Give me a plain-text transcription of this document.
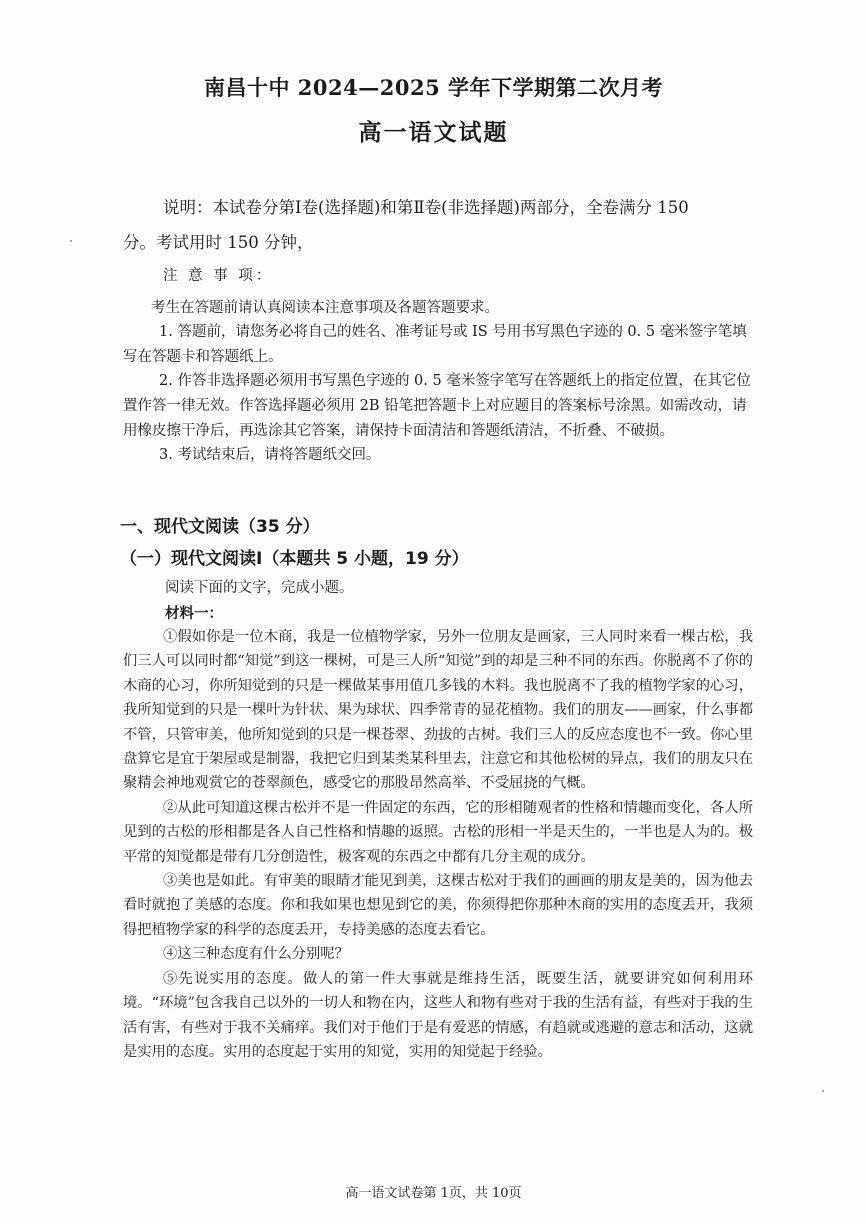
南昌十中 2024—2025 学年下学期第二次月考
高一语文试题

说明：本试卷分第Ⅰ卷(选择题)和第Ⅱ卷(非选择题)两部分，全卷满分 150

分。考试用时 150 分钟，

注 意 事 项：

考生在答题前请认真阅读本注意事项及各题答题要求。

1. 答题前，请您务必将自己的姓名、准考证号或 IS 号用书写黑色字迹的 0. 5 毫米签字笔填写在答题卡和答题纸上。

2. 作答非选择题必须用书写黑色字迹的 0. 5 毫米签字笔写在答题纸上的指定位置，在其它位置作答一律无效。作答选择题必须用 2B 铅笔把答题卡上对应题目的答案标号涂黑。如需改动，请用橡皮擦干净后，再选涂其它答案，请保持卡面清洁和答题纸清洁，不折叠、不破损。

3. 考试结束后，请将答题纸交回。

一、现代文阅读（35 分）
（一）现代文阅读Ⅰ（本题共 5 小题，19 分）
阅读下面的文字，完成小题。
材料一：

①假如你是一位木商，我是一位植物学家，另外一位朋友是画家，三人同时来看一棵古松，我们三人可以同时都“知觉”到这一棵树，可是三人所“知觉”到的却是三种不同的东西。你脱离不了你的木商的心习，你所知觉到的只是一棵做某事用值几多钱的木料。我也脱离不了我的植物学家的心习，我所知觉到的只是一棵叶为针状、果为球状、四季常青的显花植物。我们的朋友——画家，什么事都不管，只管审美，他所知觉到的只是一棵苍翠、劲拔的古树。我们三人的反应态度也不一致。你心里盘算它是宜于架屋或是制器，我把它归到某类某科里去，注意它和其他松树的异点，我们的朋友只在聚精会神地观赏它的苍翠颜色，感受它的那股昂然高举、不受屈挠的气概。

②从此可知道这棵古松并不是一件固定的东西，它的形相随观者的性格和情趣而变化，各人所见到的古松的形相都是各人自己性格和情趣的返照。古松的形相一半是天生的，一半也是人为的。极平常的知觉都是带有几分创造性，极客观的东西之中都有几分主观的成分。

③美也是如此。有审美的眼睛才能见到美，这棵古松对于我们的画画的朋友是美的，因为他去看时就抱了美感的态度。你和我如果也想见到它的美，你须得把你那种木商的实用的态度丢开，我须得把植物学家的科学的态度丢开，专持美感的态度去看它。

④这三种态度有什么分别呢？

⑤先说实用的态度。做人的第一件大事就是维持生活，既要生活，就要讲究如何利用环境。“环境”包含我自己以外的一切人和物在内，这些人和物有些对于我的生活有益，有些对于我的生活有害，有些对于我不关痛痒。我们对于他们于是有爱恶的情感，有趋就或逃避的意志和活动，这就是实用的态度。实用的态度起于实用的知觉，实用的知觉起于经验。

高一语文试卷第 1页，共 10页
